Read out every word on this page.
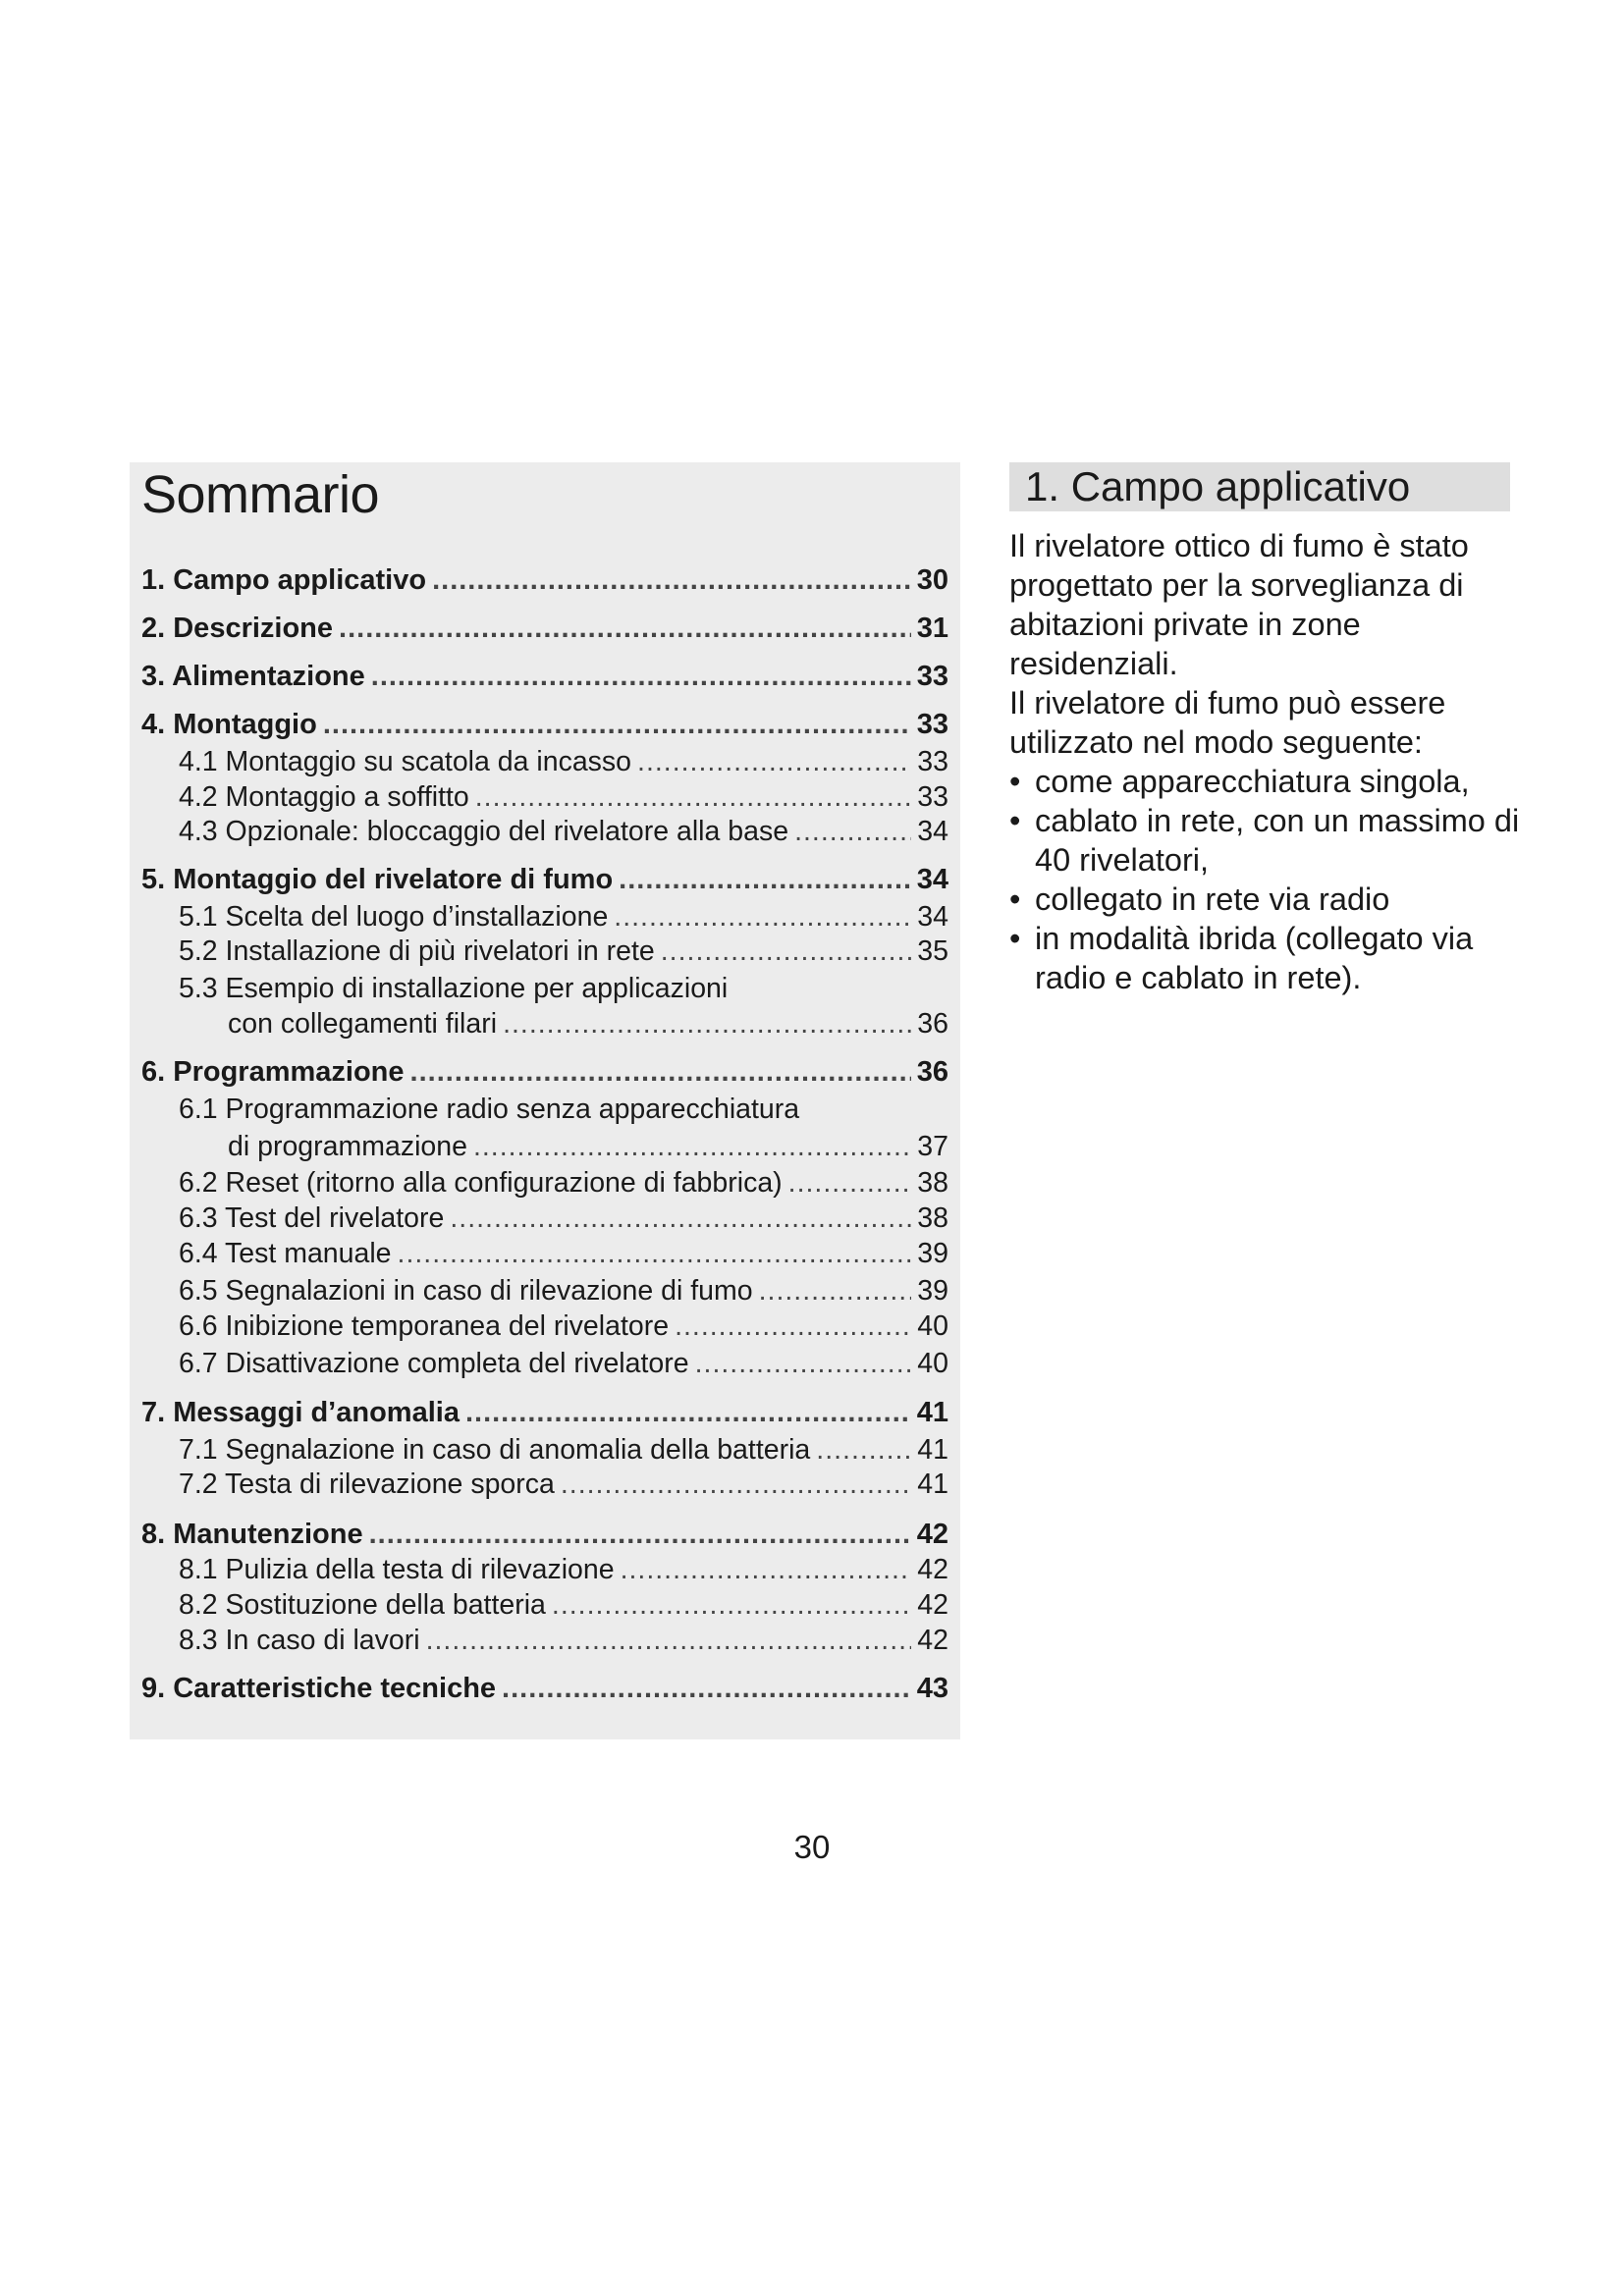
Sommario
1. Campo applicativo .....	30
2. Descrizione .....	31
3. Alimentazione .....	33
4. Montaggio .....	33
4.1 Montaggio su scatola da incasso .....	33
4.2 Montaggio a soffitto .....	33
4.3 Opzionale: bloccaggio del rivelatore alla base .....	34
5. Montaggio del rivelatore di fumo .....	34
5.1 Scelta del luogo d’installazione .....	34
5.2 Installazione di più rivelatori in rete .....	35
5.3 Esempio di installazione per applicazioni
con collegamenti filari .....	36
6. Programmazione .....	36
6.1 Programmazione radio senza apparecchiatura
di programmazione .....	37
6.2 Reset (ritorno alla configurazione di fabbrica) .....	38
6.3 Test del rivelatore .....	38
6.4 Test manuale .....	39
6.5 Segnalazioni in caso di rilevazione di fumo .....	39
6.6 Inibizione temporanea del rivelatore .....	40
6.7 Disattivazione completa del rivelatore .....	40
7. Messaggi d’anomalia .....	41
7.1 Segnalazione in caso di anomalia della batteria .....	41
7.2 Testa di rilevazione sporca .....	41
8. Manutenzione .....	42
8.1 Pulizia della testa di rilevazione .....	42
8.2 Sostituzione della batteria .....	42
8.3 In caso di lavori .....	42
9. Caratteristiche tecniche .....	43
1. Campo applicativo

Il rivelatore ottico di fumo è stato progettato per la sorveglianza di abitazioni private in zone residenziali.

Il rivelatore di fumo può essere utilizzato nel modo seguente:

• come apparecchiatura singola,
• cablato in rete, con un massimo di 40 rivelatori,
• collegato in rete via radio
• in modalità ibrida (collegato via radio e cablato in rete).
30
